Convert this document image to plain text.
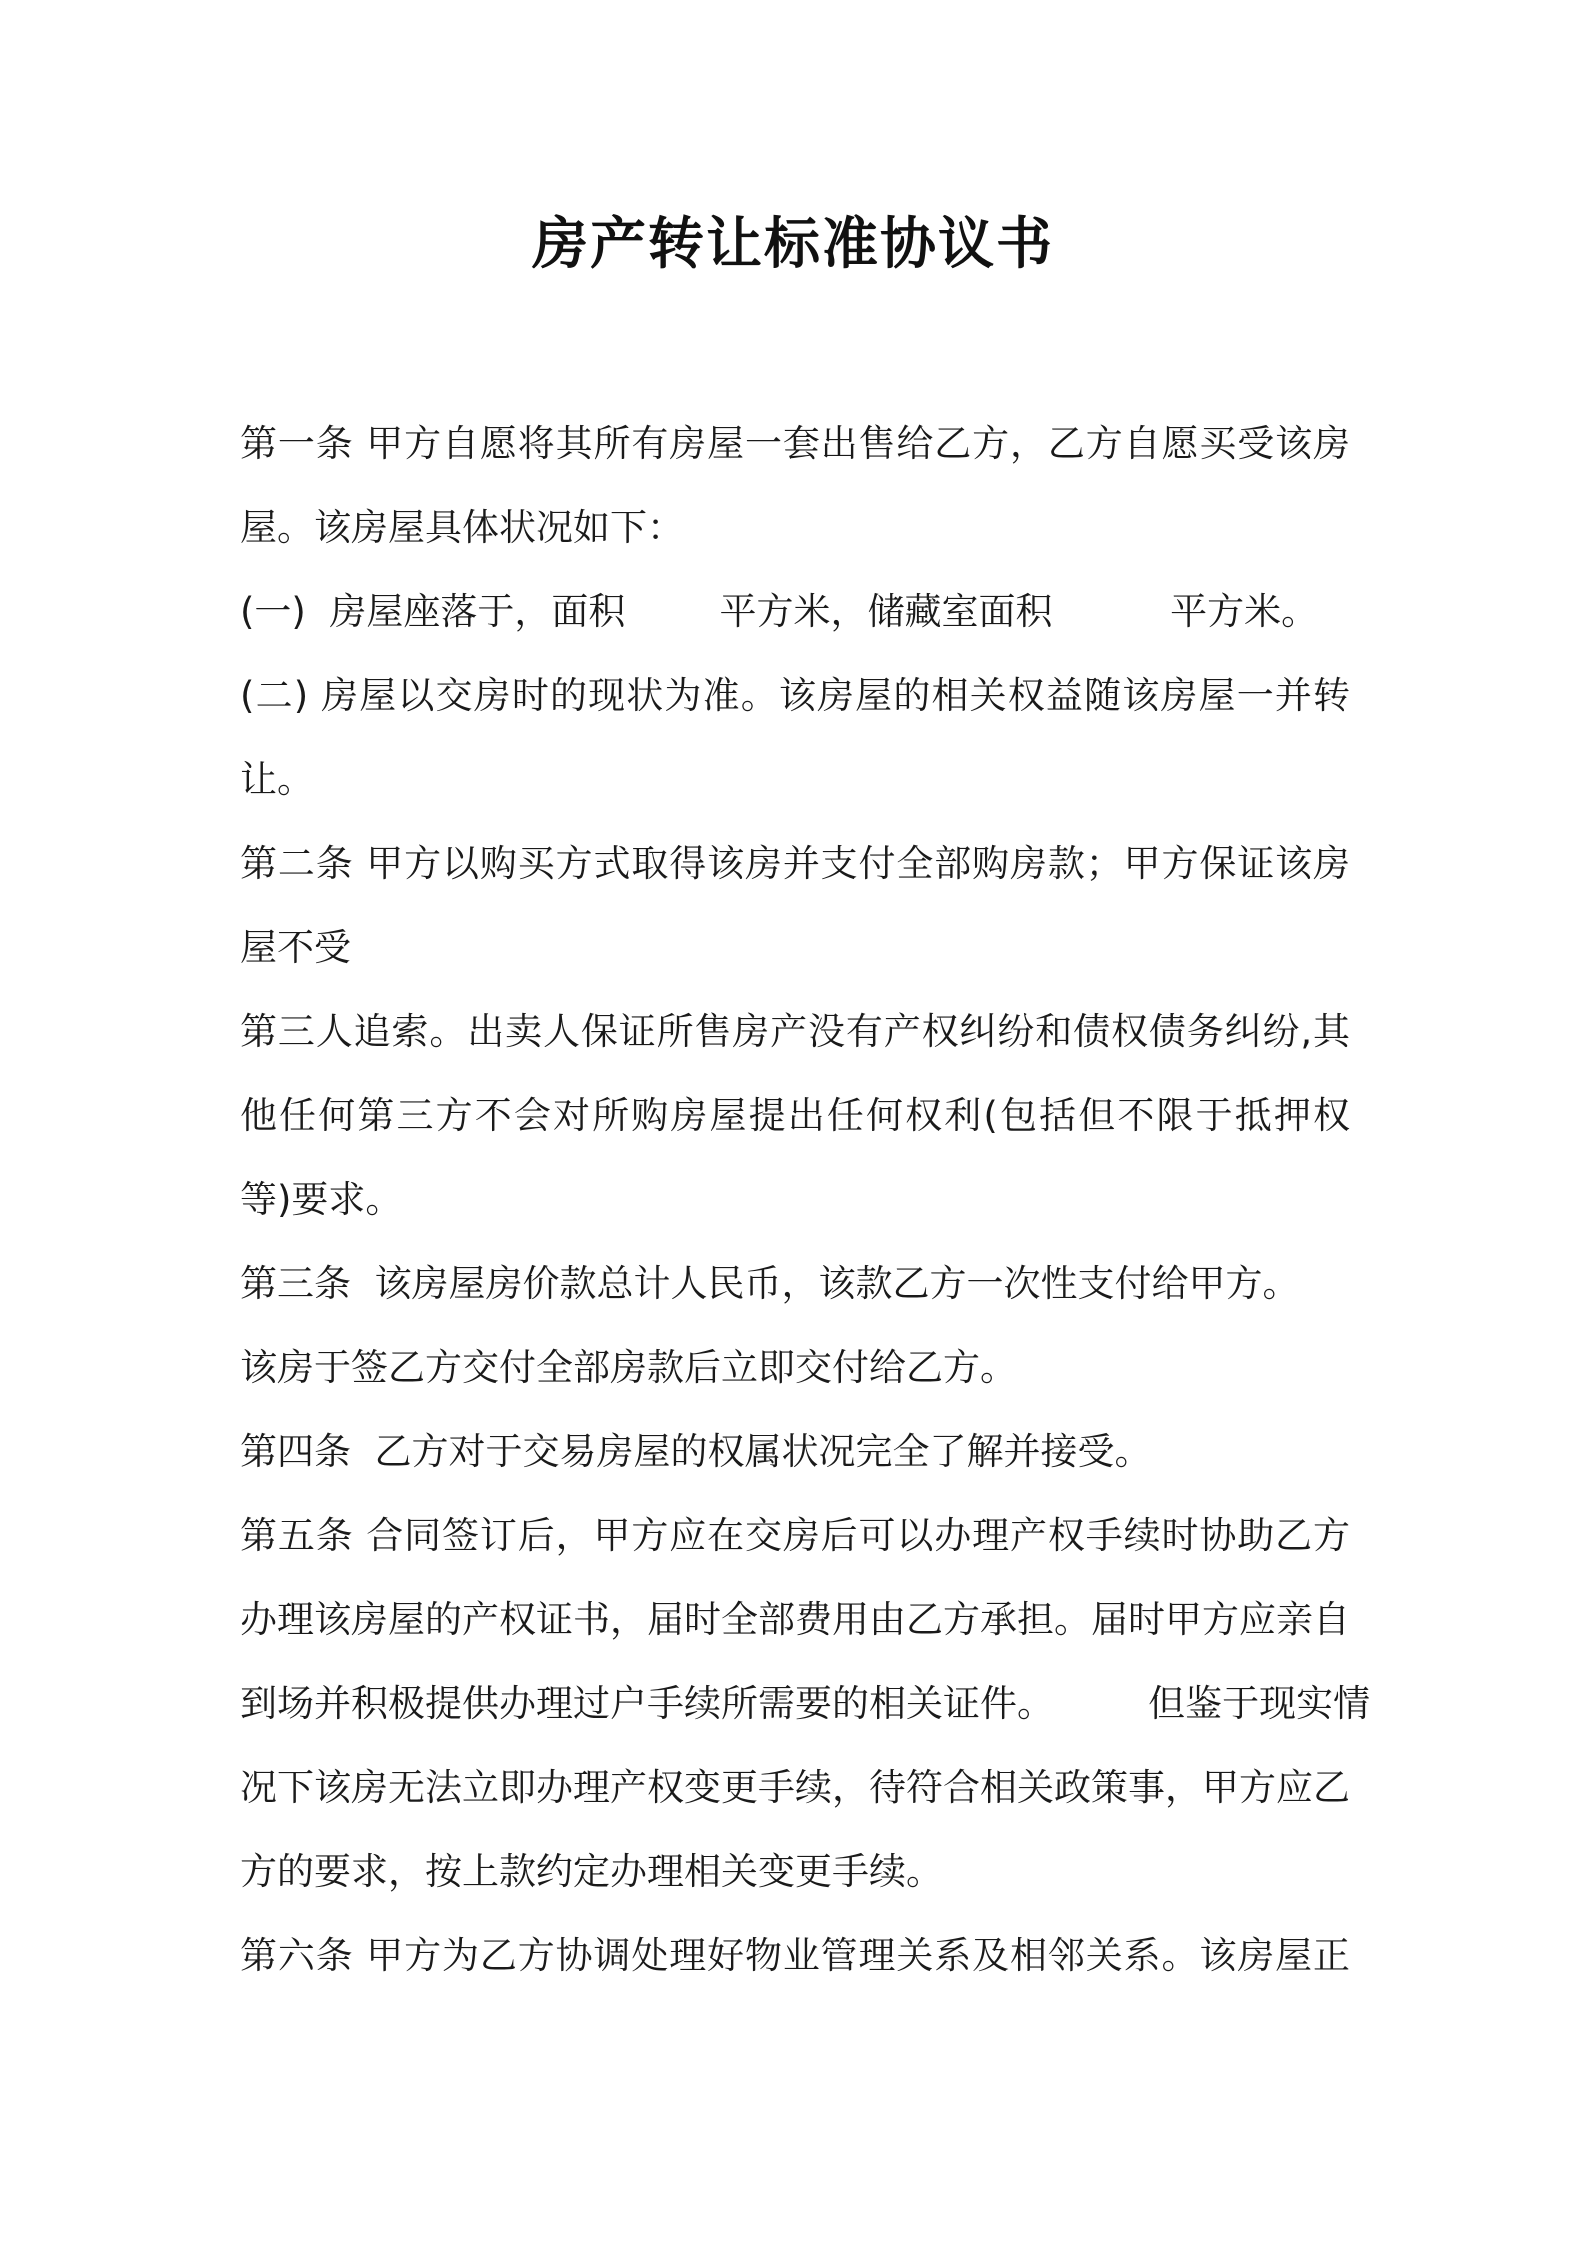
房产转让标准协议书
第一条 甲方自愿将其所有房屋一套出售给乙方，乙方自愿买受该房
屋。该房屋具体状况如下：
(一)  房屋座落于，面积        平方米，储藏室面积          平方米。
(二) 房屋以交房时的现状为准。该房屋的相关权益随该房屋一并转
让。
第二条 甲方以购买方式取得该房并支付全部购房款；甲方保证该房
屋不受
第三人追索。出卖人保证所售房产没有产权纠纷和债权债务纠纷,其
他任何第三方不会对所购房屋提出任何权利(包括但不限于抵押权
等)要求。
第三条  该房屋房价款总计人民币，该款乙方一次性支付给甲方。
该房于签乙方交付全部房款后立即交付给乙方。
第四条  乙方对于交易房屋的权属状况完全了解并接受。
第五条 合同签订后，甲方应在交房后可以办理产权手续时协助乙方
办理该房屋的产权证书，届时全部费用由乙方承担。届时甲方应亲自
到场并积极提供办理过户手续所需要的相关证件。        但鉴于现实情
况下该房无法立即办理产权变更手续，待符合相关政策事，甲方应乙
方的要求，按上款约定办理相关变更手续。
第六条 甲方为乙方协调处理好物业管理关系及相邻关系。该房屋正
